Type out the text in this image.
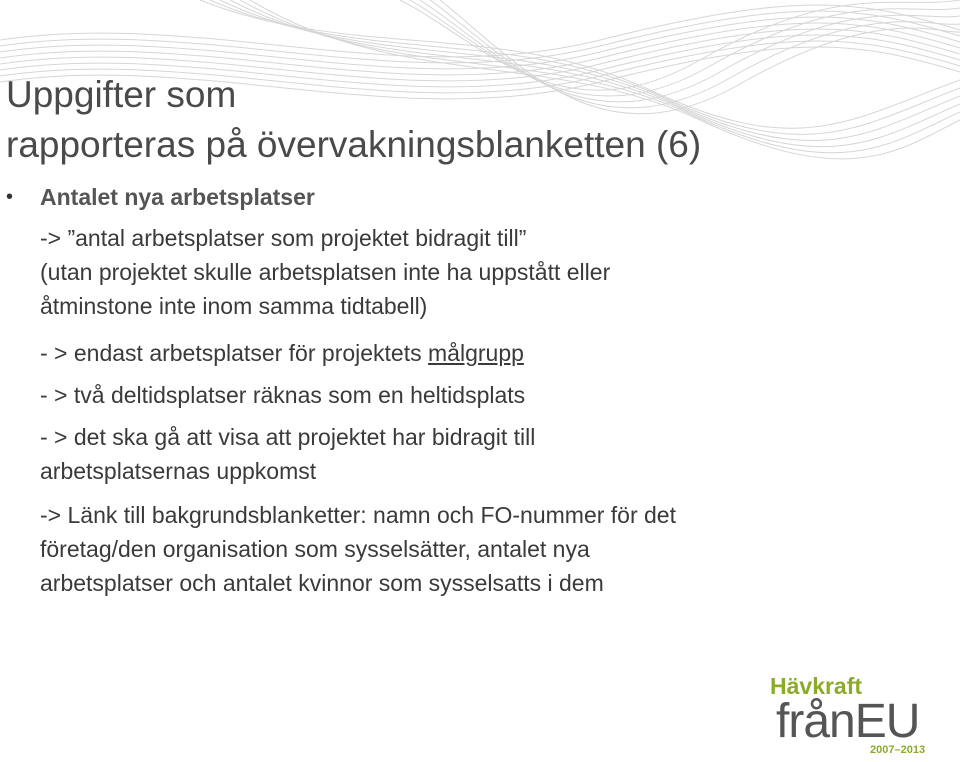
Uppgifter som
rapporteras på övervakningsblanketten (6)
• Antalet nya arbetsplatser
-> ”antal arbetsplatser som projektet bidragit till”
(utan projektet skulle arbetsplatsen inte ha uppstått eller
åtminstone inte inom samma tidtabell)
- > endast arbetsplatser för projektets målgrupp
- > två deltidsplatser räknas som en heltidsplats
- > det ska gå att visa att projektet har bidragit till
arbetsplatsernas uppkomst
-> Länk till bakgrundsblanketter: namn och FO-nummer för det
företag/den organisation som sysselsätter, antalet nya
arbetsplatser och antalet kvinnor som sysselsatts i dem
Hävkraft
frånEU
2007–2013
